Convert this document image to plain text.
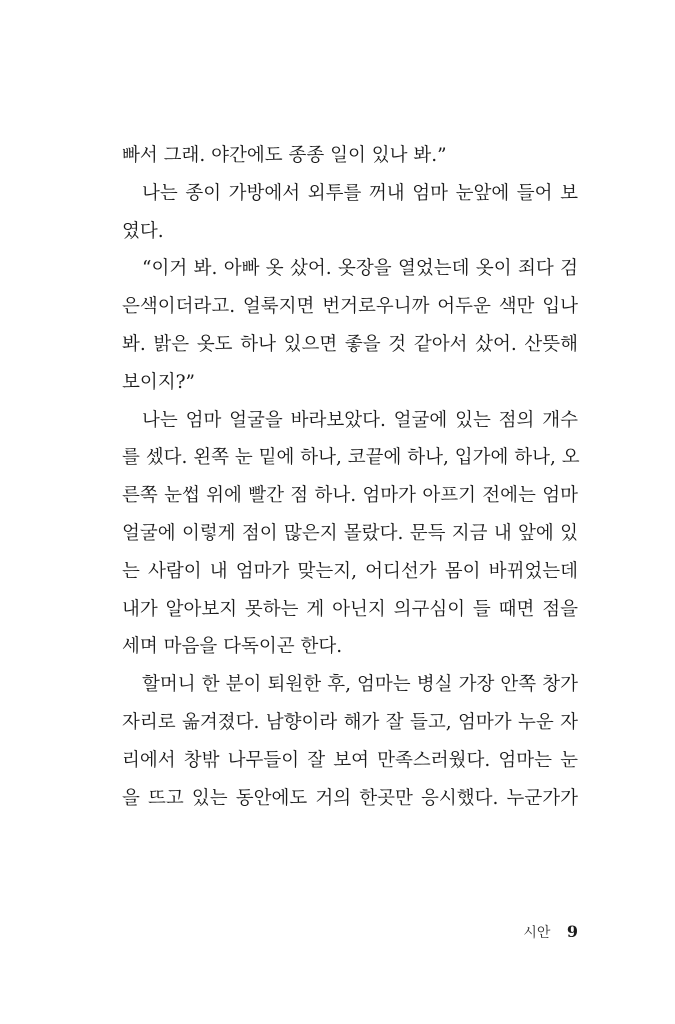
빠서 그래. 야간에도 종종 일이 있나 봐.”
나는 종이 가방에서 외투를 꺼내 엄마 눈앞에 들어 보
였다.
“이거 봐. 아빠 옷 샀어. 옷장을 열었는데 옷이 죄다 검
은색이더라고. 얼룩지면 번거로우니까 어두운 색만 입나
봐. 밝은 옷도 하나 있으면 좋을 것 같아서 샀어. 산뜻해
보이지?”
나는 엄마 얼굴을 바라보았다. 얼굴에 있는 점의 개수
를 셌다. 왼쪽 눈 밑에 하나, 코끝에 하나, 입가에 하나, 오
른쪽 눈썹 위에 빨간 점 하나. 엄마가 아프기 전에는 엄마
얼굴에 이렇게 점이 많은지 몰랐다. 문득 지금 내 앞에 있
는 사람이 내 엄마가 맞는지, 어디선가 몸이 바뀌었는데
내가 알아보지 못하는 게 아닌지 의구심이 들 때면 점을
세며 마음을 다독이곤 한다.
할머니 한 분이 퇴원한 후, 엄마는 병실 가장 안쪽 창가
자리로 옮겨졌다. 남향이라 해가 잘 들고, 엄마가 누운 자
리에서 창밖 나무들이 잘 보여 만족스러웠다. 엄마는 눈
을 뜨고 있는 동안에도 거의 한곳만 응시했다. 누군가가
시안 9
